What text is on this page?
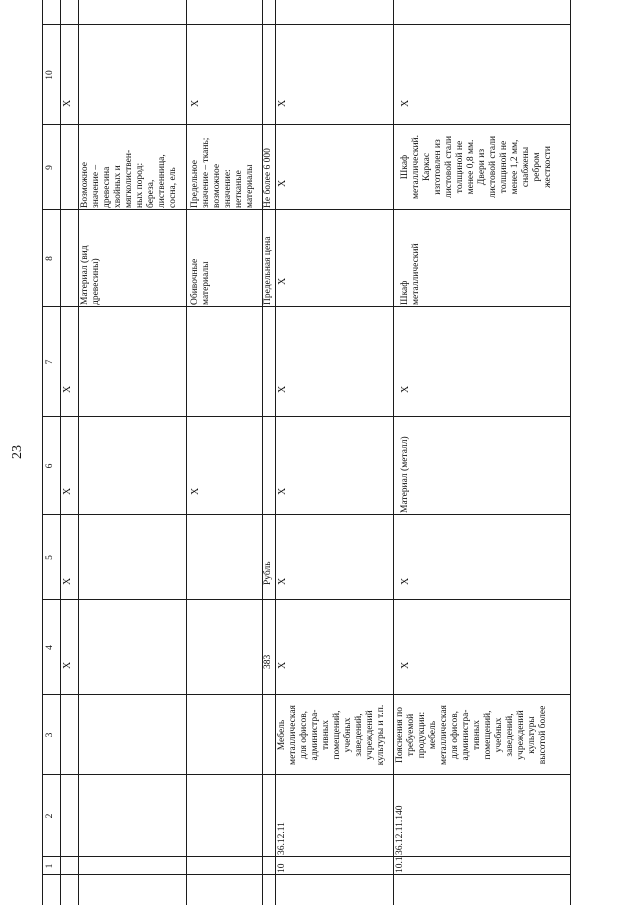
23
1
2
3
4
5
6
7
8
9
10
X
X
X
X
Материал (вид
древесины)
Возможное
значение –
древесина
хвойных и
мягколиствен-
ных пород:
береза,
лиственница,
сосна, ель
X
X
Обивочные
материалы
Предельное
значение – ткань;
возможное
значение:
нетканые
материалы
X
383
Рубль
Предельная цена
Не более 6 000
10
36.12.11
Мебель
металлическая
для офисов,
администра-
тивных
помещений,
учебных
заведений,
учреждений
культуры и т.п.
X
X
X
X
X
X
X
10.1
36.12.11.140
Пояснения по
требуемой
продукции:
мебель
металлическая
для офисов,
администра-
тивных
помещений,
учебных
заведений,
учреждений
культуры
высотой более
X
X
Материал (металл)
X
Шкаф
металлический
Шкаф
металлический.
Каркас
изготовлен из
листовой стали
толщиной не
менее 0,8 мм.
Двери из
листовой стали
толщиной не
менее 1,2 мм,
снабжены
ребром
жесткости
X
